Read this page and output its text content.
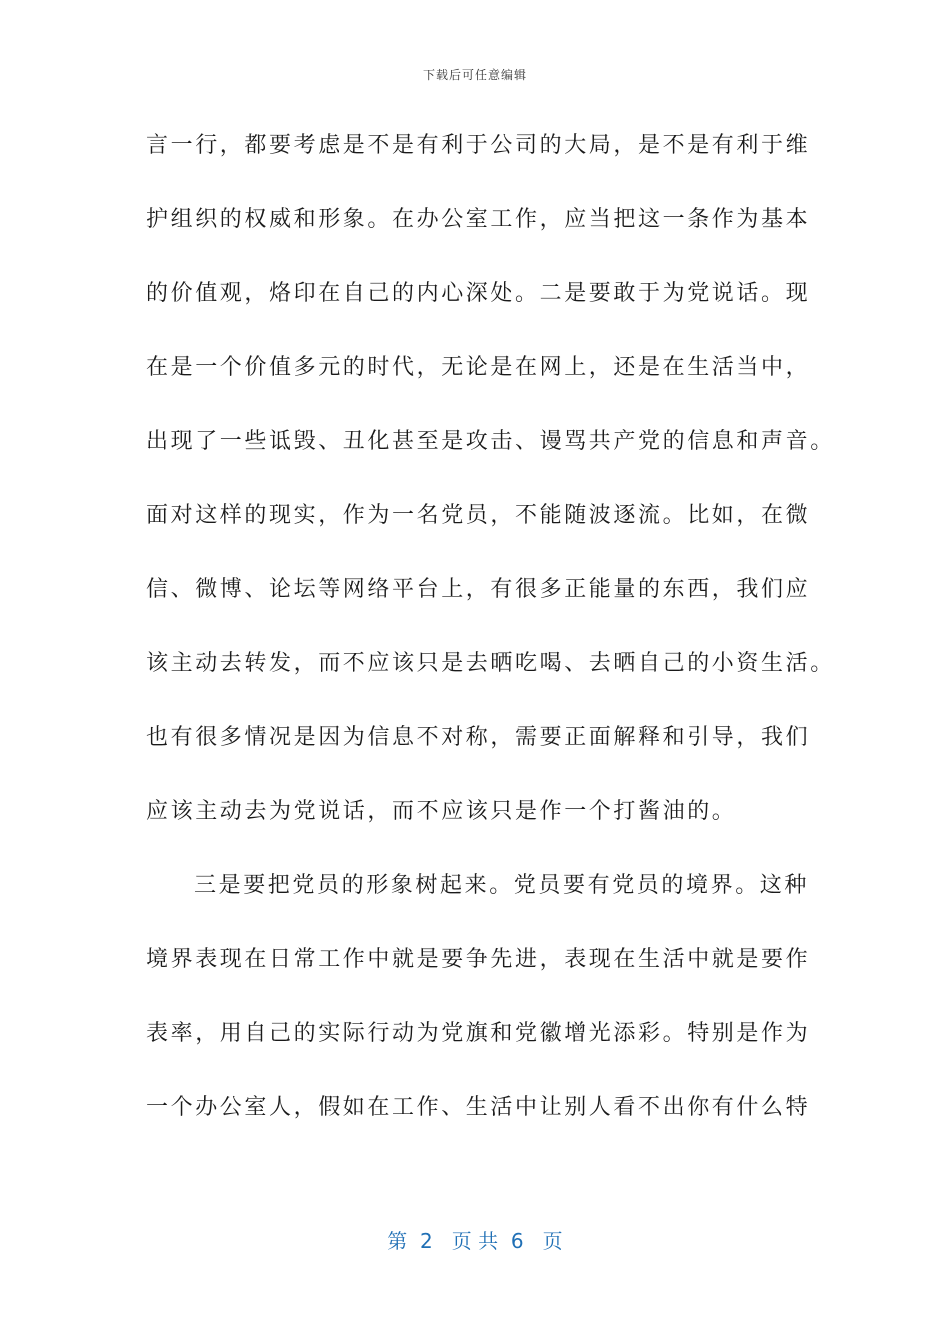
下载后可任意编辑
言一行，都要考虑是不是有利于公司的大局，是不是有利于维
护组织的权威和形象。在办公室工作，应当把这一条作为基本
的价值观，烙印在自己的内心深处。二是要敢于为党说话。现
在是一个价值多元的时代，无论是在网上，还是在生活当中，
出现了一些诋毁、丑化甚至是攻击、谩骂共产党的信息和声音。
面对这样的现实，作为一名党员，不能随波逐流。比如，在微
信、微博、论坛等网络平台上，有很多正能量的东西，我们应
该主动去转发，而不应该只是去晒吃喝、去晒自己的小资生活。
也有很多情况是因为信息不对称，需要正面解释和引导，我们
应该主动去为党说话，而不应该只是作一个打酱油的。
三是要把党员的形象树起来。党员要有党员的境界。这种
境界表现在日常工作中就是要争先进，表现在生活中就是要作
表率，用自己的实际行动为党旗和党徽增光添彩。特别是作为
一个办公室人，假如在工作、生活中让别人看不出你有什么特
第  2   页 共  6   页
